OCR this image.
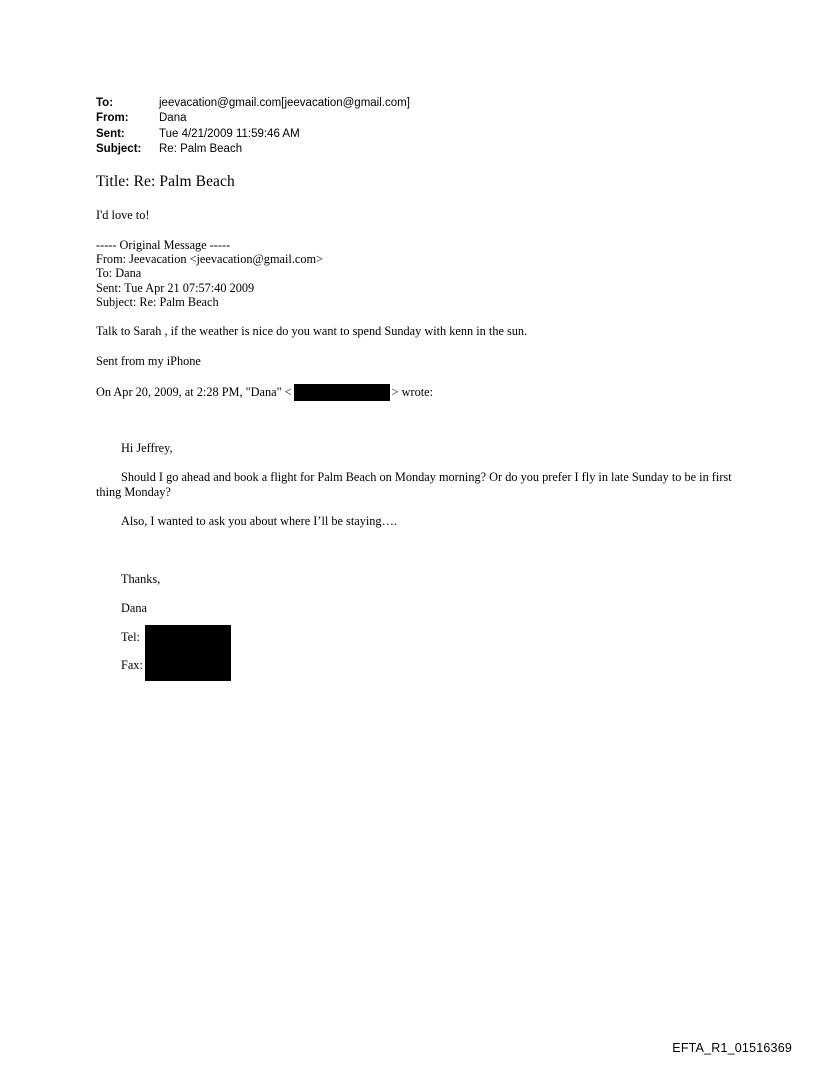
To:	jeevacation@gmail.com[jeevacation@gmail.com]
From:	Dana
Sent:	Tue 4/21/2009 11:59:46 AM
Subject:	Re: Palm Beach
Title: Re: Palm Beach
I'd love to!
----- Original Message -----
From: Jeevacation <jeevacation@gmail.com>
To: Dana
Sent: Tue Apr 21 07:57:40 2009
Subject: Re: Palm Beach
Talk to Sarah , if the weather is nice do you want to spend Sunday with kenn in the sun.
Sent from my iPhone
On Apr 20, 2009, at 2:28 PM, "Dana" <	> wrote:
Hi Jeffrey,
Should I go ahead and book a flight for Palm Beach on Monday morning? Or do you prefer I fly in late Sunday to be in first thing Monday?
Also, I wanted to ask you about where I’ll be staying….
Thanks,
Dana
Tel:
Fax:
EFTA_R1_01516369
